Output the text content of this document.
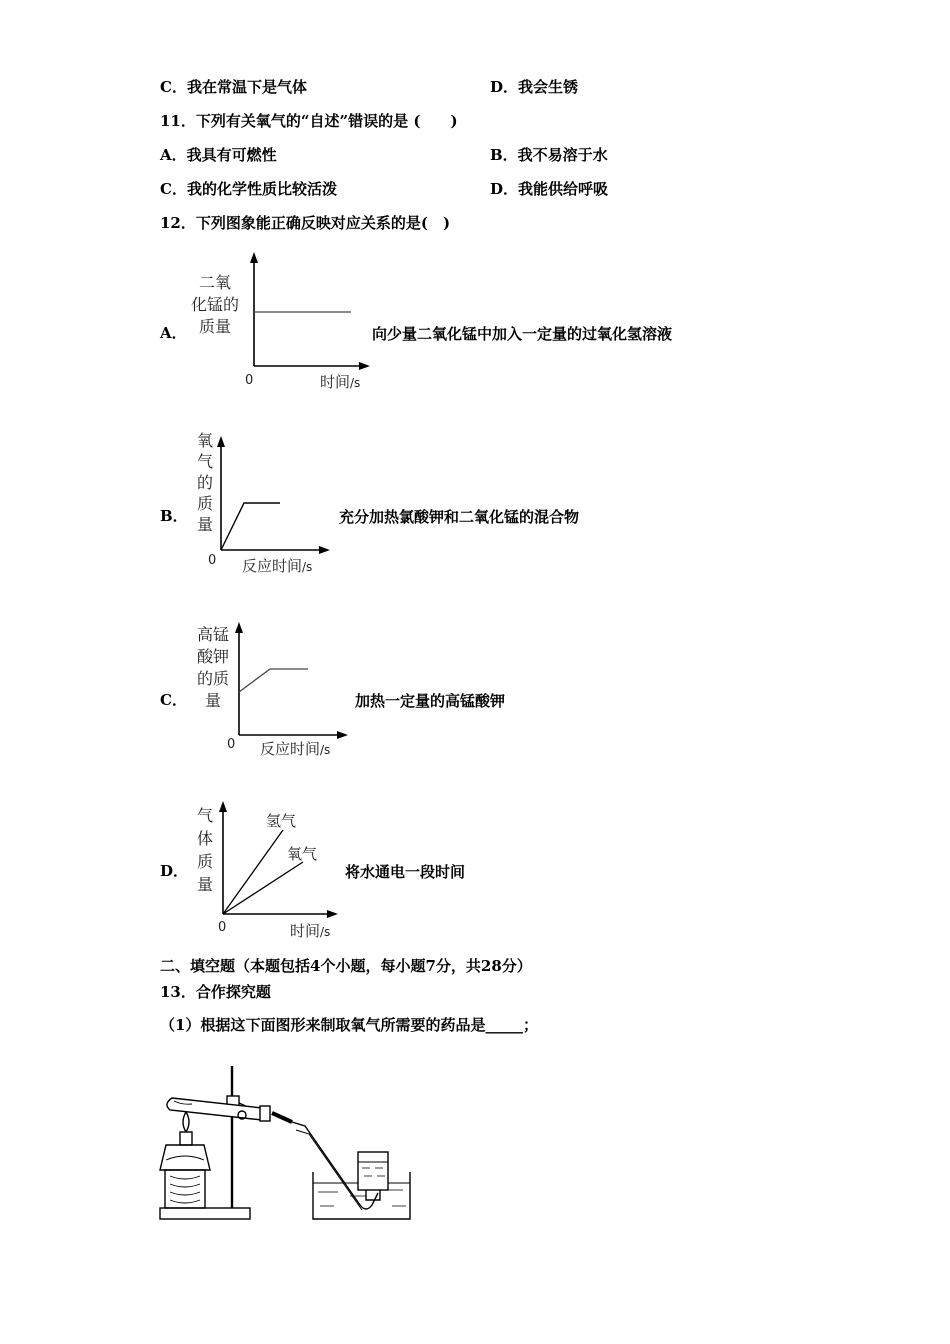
C．我在常温下是气体	D．我会生锈
11．下列有关氧气的“自述”错误的是 (　　)
A．我具有可燃性	B．我不易溶于水
C．我的化学性质比较活泼	D．我能供给呼吸
12．下列图象能正确反映对应关系的是(　)
A．
二氧
化锰的
质量
0	时间/s
向少量二氧化锰中加入一定量的过氧化氢溶液
B．
氧
气
的
质
量
0 反应时间/s
充分加热氯酸钾和二氧化锰的混合物
C．
高锰
酸钾
的质
量
0 反应时间/s
加热一定量的高锰酸钾
D．
气
体
质
量
氢气
氧气
0	时间/s
将水通电一段时间
二、填空题（本题包括4个小题，每小题7分，共28分）
13．合作探究题
（1）根据这下面图形来制取氧气所需要的药品是_____；
